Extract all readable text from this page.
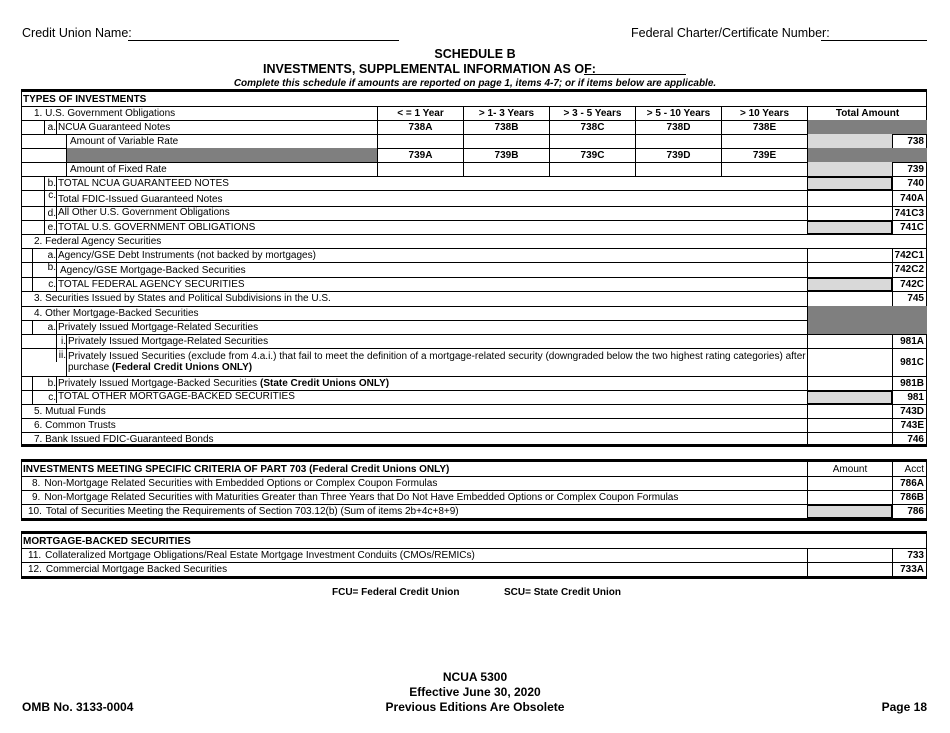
Credit Union Name:	Federal Charter/Certificate Number:
SCHEDULE B
INVESTMENTS, SUPPLEMENTAL INFORMATION AS OF:
Complete this schedule if amounts are reported on page 1, items 4-7; or if items below are applicable.
TYPES OF INVESTMENTS
< = 1 Year	> 1- 3 Years	> 3 - 5 Years	> 5 - 10 Years	> 10 Years	Total Amount
1. U.S. Government Obligations
a. NCUA Guaranteed Notes	738A	738B	738C	738D	738E
Amount of Variable Rate	738
739A	739B	739C	739D	739E
Amount of Fixed Rate	739
b. TOTAL NCUA GUARANTEED NOTES	740
c. Total FDIC-Issued Guaranteed Notes	740A
d. All Other U.S. Government Obligations	741C3
e. TOTAL U.S. GOVERNMENT OBLIGATIONS	741C
2. Federal Agency Securities
a. Agency/GSE Debt Instruments (not backed by mortgages)	742C1
b. Agency/GSE Mortgage-Backed Securities	742C2
c. TOTAL FEDERAL AGENCY SECURITIES	742C
3. Securities Issued by States and Political Subdivisions in the U.S.	745
4. Other Mortgage-Backed Securities
a. Privately Issued Mortgage-Related Securities
i. Privately Issued Mortgage-Related Securities	981A
ii. Privately Issued Securities (exclude from 4.a.i.) that fail to meet the definition of a mortgage-related security (downgraded below the two highest rating categories) after
purchase (Federal Credit Unions ONLY)	981C
b. Privately Issued Mortgage-Backed Securities (State Credit Unions ONLY)	981B
c. TOTAL OTHER MORTGAGE-BACKED SECURITIES	981
5. Mutual Funds	743D
6. Common Trusts	743E
7. Bank Issued FDIC-Guaranteed Bonds	746
INVESTMENTS MEETING SPECIFIC CRITERIA OF PART 703 (Federal Credit Unions ONLY)	Amount	Acct
8. Non-Mortgage Related Securities with Embedded Options or Complex Coupon Formulas	786A
9. Non-Mortgage Related Securities with Maturities Greater than Three Years that Do Not Have Embedded Options or Complex Coupon Formulas	786B
10. Total of Securities Meeting the Requirements of Section 703.12(b) (Sum of items 2b+4c+8+9)	786
MORTGAGE-BACKED SECURITIES
11. Collateralized Mortgage Obligations/Real Estate Mortgage Investment Conduits (CMOs/REMICs)	733
12. Commercial Mortgage Backed Securities	733A
FCU= Federal Credit Union	SCU= State Credit Union
NCUA 5300
Effective June 30, 2020
Previous Editions Are Obsolete
OMB No. 3133-0004	Page 18
